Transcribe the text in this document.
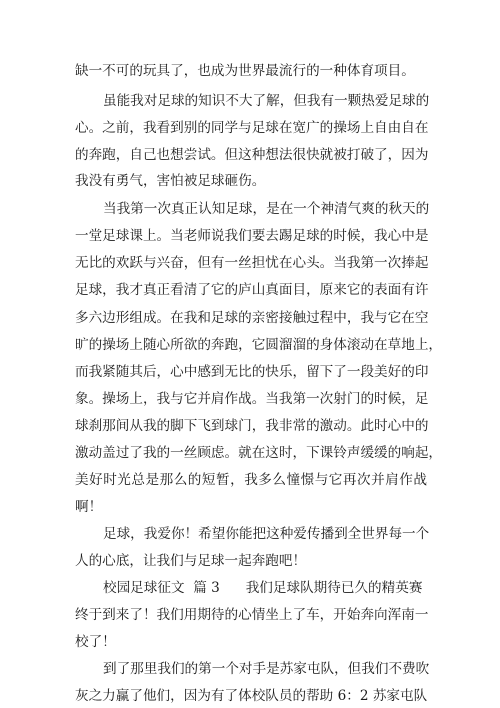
缺一不可的玩具了，也成为世界最流行的一种体育项目。
虽能我对足球的知识不大了解，但我有一颗热爱足球的
心。之前，我看到别的同学与足球在宽广的操场上自由自在
的奔跑，自己也想尝试。但这种想法很快就被打破了，因为
我没有勇气，害怕被足球砸伤。
当我第一次真正认知足球，是在一个神清气爽的秋天的
一堂足球课上。当老师说我们要去踢足球的时候，我心中是
无比的欢跃与兴奋，但有一丝担忧在心头。当我第一次捧起
足球，我才真正看清了它的庐山真面目，原来它的表面有许
多六边形组成。在我和足球的亲密接触过程中，我与它在空
旷的操场上随心所欲的奔跑，它圆溜溜的身体滚动在草地上，
而我紧随其后，心中感到无比的快乐，留下了一段美好的印
象。操场上，我与它并肩作战。当我第一次射门的时候，足
球刹那间从我的脚下飞到球门，我非常的激动。此时心中的
激动盖过了我的一丝顾虑。就在这时，下课铃声缓缓的响起，
美好时光总是那么的短暂，我多么憧憬与它再次并肩作战
啊！
足球，我爱你！希望你能把这种爱传播到全世界每一个
人的心底，让我们与足球一起奔跑吧！
校园足球征文  篇 3      我们足球队期待已久的精英赛
终于到来了！我们用期待的心情坐上了车，开始奔向浑南一
校了！
到了那里我们的第一个对手是苏家屯队，但我们不费吹
灰之力赢了他们，因为有了体校队员的帮助 6：2 苏家屯队
